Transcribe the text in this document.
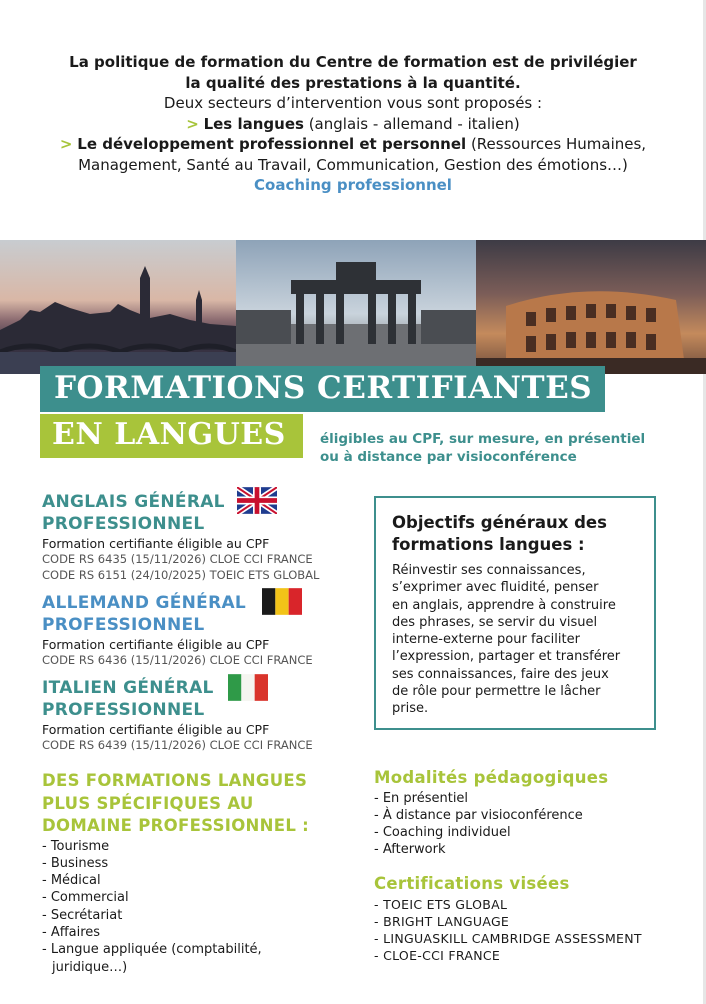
La politique de formation du Centre de formation est de privilégier
la qualité des prestations à la quantité.
Deux secteurs d’intervention vous sont proposés :
> Les langues (anglais - allemand - italien)
> Le développement professionnel et personnel (Ressources Humaines,
Management, Santé au Travail, Communication, Gestion des émotions…)
Coaching professionnel
FORMATIONS CERTIFIANTES
EN LANGUES	éligibles au CPF, sur mesure, en présentiel
ou à distance par visioconférence
ANGLAIS GÉNÉRAL
PROFESSIONNEL
Formation certifiante éligible au CPF
CODE RS 6435 (15/11/2026) CLOE CCI FRANCE
CODE RS 6151 (24/10/2025) TOEIC ETS GLOBAL
ALLEMAND GÉNÉRAL
PROFESSIONNEL
Formation certifiante éligible au CPF
CODE RS 6436 (15/11/2026) CLOE CCI FRANCE
ITALIEN GÉNÉRAL
PROFESSIONNEL
Formation certifiante éligible au CPF
CODE RS 6439 (15/11/2026) CLOE CCI FRANCE
Objectifs généraux des
formations langues :
Réinvestir ses connaissances,
s’exprimer avec fluidité, penser
en anglais, apprendre à construire
des phrases, se servir du visuel
interne-externe pour faciliter
l’expression, partager et transférer
ses connaissances, faire des jeux
de rôle pour permettre le lâcher
prise.
DES FORMATIONS LANGUES
PLUS SPÉCIFIQUES AU
DOMAINE PROFESSIONNEL :
- Tourisme
- Business
- Médical
- Commercial
- Secrétariat
- Affaires
- Langue appliquée (comptabilité,
juridique…)
Modalités pédagogiques
- En présentiel
- À distance par visioconférence
- Coaching individuel
- Afterwork
Certifications visées
- TOEIC ETS GLOBAL
- BRIGHT LANGUAGE
- LINGUASKILL CAMBRIDGE ASSESSMENT
- CLOE-CCI FRANCE
